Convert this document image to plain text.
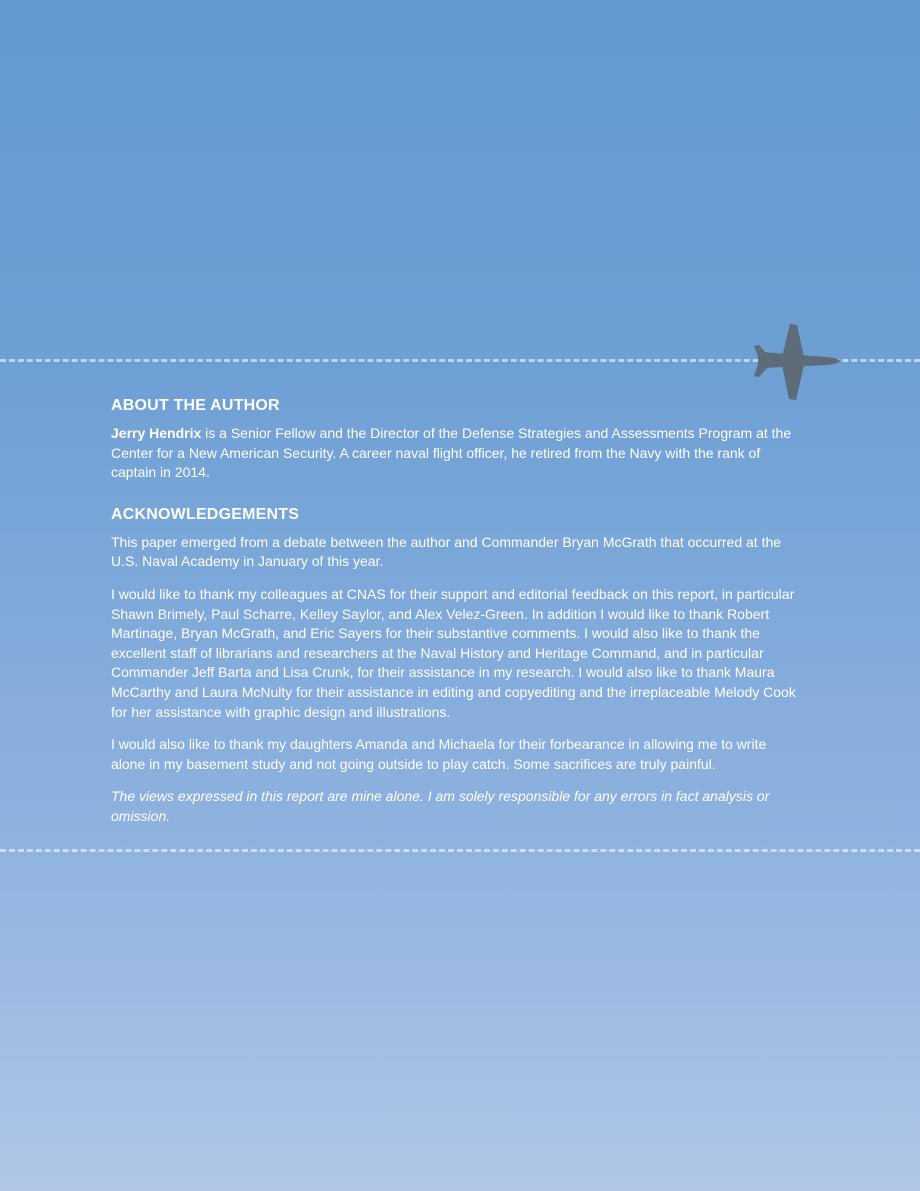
ABOUT THE AUTHOR

Jerry Hendrix is a Senior Fellow and the Director of the Defense Strategies and Assessments Program at the Center for a New American Security. A career naval flight officer, he retired from the Navy with the rank of captain in 2014.

ACKNOWLEDGEMENTS

This paper emerged from a debate between the author and Commander Bryan McGrath that occurred at the U.S. Naval Academy in January of this year.

I would like to thank my colleagues at CNAS for their support and editorial feedback on this report, in particular Shawn Brimely, Paul Scharre, Kelley Saylor, and Alex Velez-Green. In addition I would like to thank Robert Martinage, Bryan McGrath, and Eric Sayers for their substantive comments. I would also like to thank the excellent staff of librarians and researchers at the Naval History and Heritage Command, and in particular Commander Jeff Barta and Lisa Crunk, for their assistance in my research. I would also like to thank Maura McCarthy and Laura McNulty for their assistance in editing and copyediting and the irreplaceable Melody Cook for her assistance with graphic design and illustrations.

I would also like to thank my daughters Amanda and Michaela for their forbearance in allowing me to write alone in my basement study and not going outside to play catch. Some sacrifices are truly painful.

The views expressed in this report are mine alone. I am solely responsible for any errors in fact analysis or omission.
